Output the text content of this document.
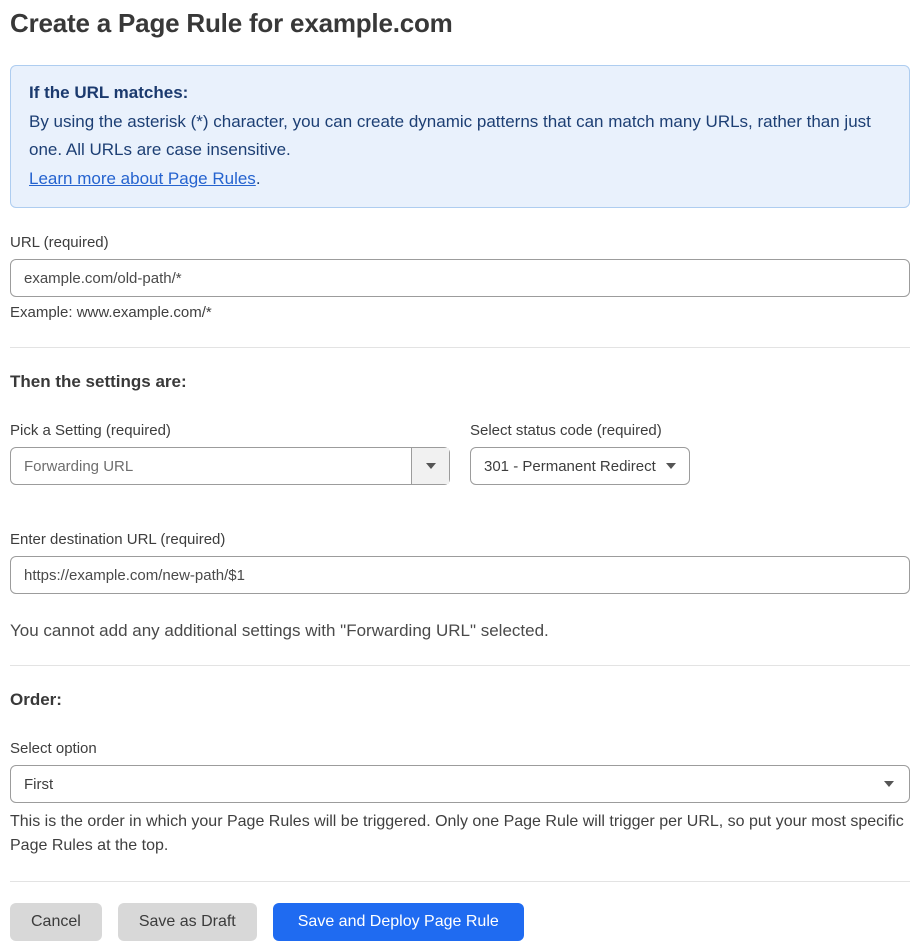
Create a Page Rule for example.com
If the URL matches:
By using the asterisk (*) character, you can create dynamic patterns that can match many URLs, rather than just one. All URLs are case insensitive.
Learn more about Page Rules.
URL (required)
example.com/old-path/*
Example: www.example.com/*
Then the settings are:
Pick a Setting (required)
Forwarding URL
Select status code (required)
301 - Permanent Redirect
Enter destination URL (required)
https://example.com/new-path/$1
You cannot add any additional settings with "Forwarding URL" selected.
Order:
Select option
First
This is the order in which your Page Rules will be triggered. Only one Page Rule will trigger per URL, so put your most specific Page Rules at the top.
Cancel	Save as Draft	Save and Deploy Page Rule
